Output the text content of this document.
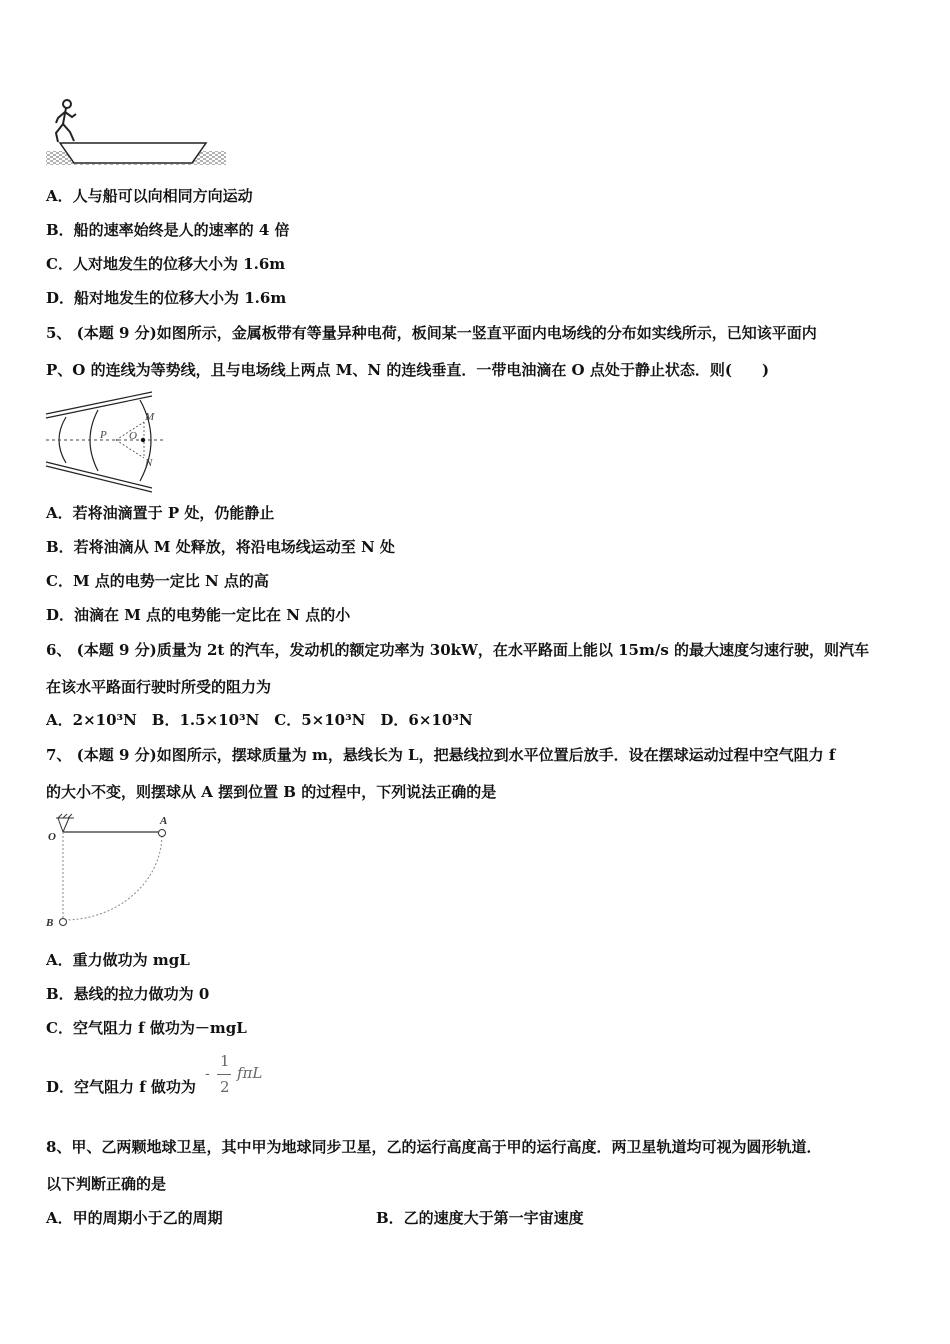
A．人与船可以向相同方向运动
B．船的速率始终是人的速率的 4 倍
C．人对地发生的位移大小为 1.6m
D．船对地发生的位移大小为 1.6m
5、 (本题 9 分)如图所示，金属板带有等量异种电荷，板间某一竖直平面内电场线的分布如实线所示，已知该平面内
P、O 的连线为等势线，且与电场线上两点 M、N 的连线垂直．一带电油滴在 O 点处于静止状态．则(　　)
P O
M
N
A．若将油滴置于 P 处，仍能静止
B．若将油滴从 M 处释放，将沿电场线运动至 N 处
C．M 点的电势一定比 N 点的高
D．油滴在 M 点的电势能一定比在 N 点的小
6、 (本题 9 分)质量为 2t 的汽车，发动机的额定功率为 30kW，在水平路面上能以 15m/s 的最大速度匀速行驶，则汽车
在该水平路面行驶时所受的阻力为
A．2×10³N　B．1.5×10³N　C．5×10³N　D．6×10³N
7、 (本题 9 分)如图所示，摆球质量为 m，悬线长为 L，把悬线拉到水平位置后放手．设在摆球运动过程中空气阻力 f
的大小不变，则摆球从 A 摆到位置 B 的过程中，下列说法正确的是
O
A
B
A．重力做功为 mgL
B．悬线的拉力做功为 0
C．空气阻力 f 做功为－mgL
D．空气阻力 f 做功为
-
1
2
fπL
8、甲、乙两颗地球卫星，其中甲为地球同步卫星，乙的运行高度高于甲的运行高度．两卫星轨道均可视为圆形轨道．
以下判断正确的是
A．甲的周期小于乙的周期	B．乙的速度大于第一宇宙速度
